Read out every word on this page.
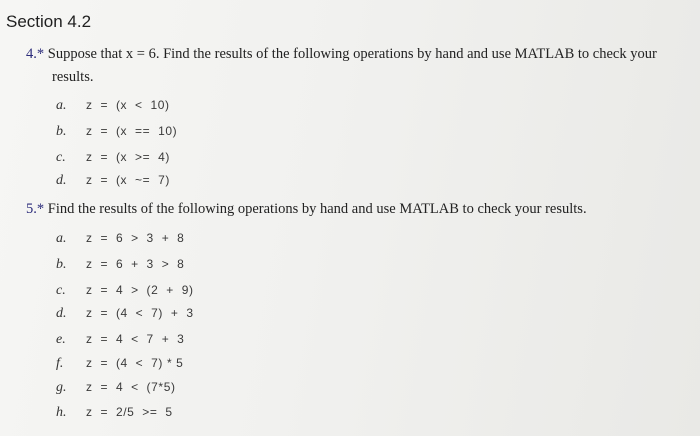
Section 4.2
4.* Suppose that x = 6. Find the results of the following operations by hand and use MATLAB to check your
results.
a.	z  =  (x  <  10)
b.	z  =  (x  ==  10)
c.	z  =  (x  >=  4)
d.	z  =  (x  ~=  7)
5.* Find the results of the following operations by hand and use MATLAB to check your results.
a.	z  =  6  >  3  +  8
b.	z  =  6  +  3  >  8
c.	z  =  4  >  (2  +  9)
d.	z  =  (4  <  7)  +  3
e.	z  =  4  <  7  +  3
f.	z  =  (4  <  7) * 5
g.	z  =  4  <  (7*5)
h.	z  =  2/5  >=  5
